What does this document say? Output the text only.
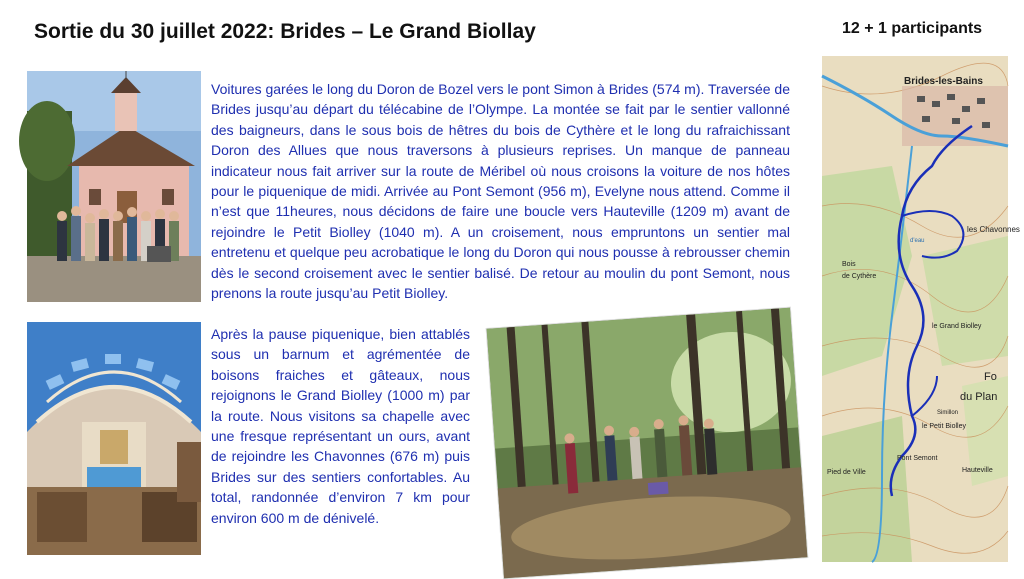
Sortie du 30 juillet 2022: Brides – Le Grand Biollay	12 + 1 participants

Voitures garées le long du Doron de Bozel vers le pont Simon à Brides (574 m). Traversée de Brides jusqu’au départ du télécabine de l’Olympe. La montée se fait par le sentier vallonné des baigneurs, dans le sous bois de hêtres du bois de Cythère et le long du rafraichissant Doron des Allues que nous traversons à plusieurs reprises. Un manque de panneau indicateur nous fait arriver sur la route de Méribel où nous croisons la voiture de nos hôtes pour le piquenique de midi. Arrivée au Pont Semont (956 m), Evelyne nous attend. Comme il n’est que 11heures, nous décidons de faire une boucle vers Hauteville (1209 m) avant de rejoindre le Petit Biolley (1040 m). A un croisement, nous empruntons un sentier mal entretenu et quelque peu acrobatique le long du Doron qui nous pousse à rebrousser chemin dès le second croisement avec le sentier balisé. De retour au moulin du pont Semont, nous prenons la route jusqu’au Petit Biolley.

Après la pause piquenique, bien attablés sous un barnum et agrémentée de boisons fraiches et gâteaux, nous rejoignons le Grand Biolley (1000 m) par la route. Nous visitons sa chapelle avec une fresque représentant un ours, avant de rejoindre les Chavonnes (676 m) puis Brides sur des sentiers confortables. Au total, randonnée d’environ 7 km pour environ 600 m de dénivelé.

Brides-les-Bains
les Chavonnes
Bois
de Cythère
le Grand Biolley
le Petit Biolley
Fo
du Plan
Simillon
Pont Semont
Hauteville
Pied de Ville
d'eau
